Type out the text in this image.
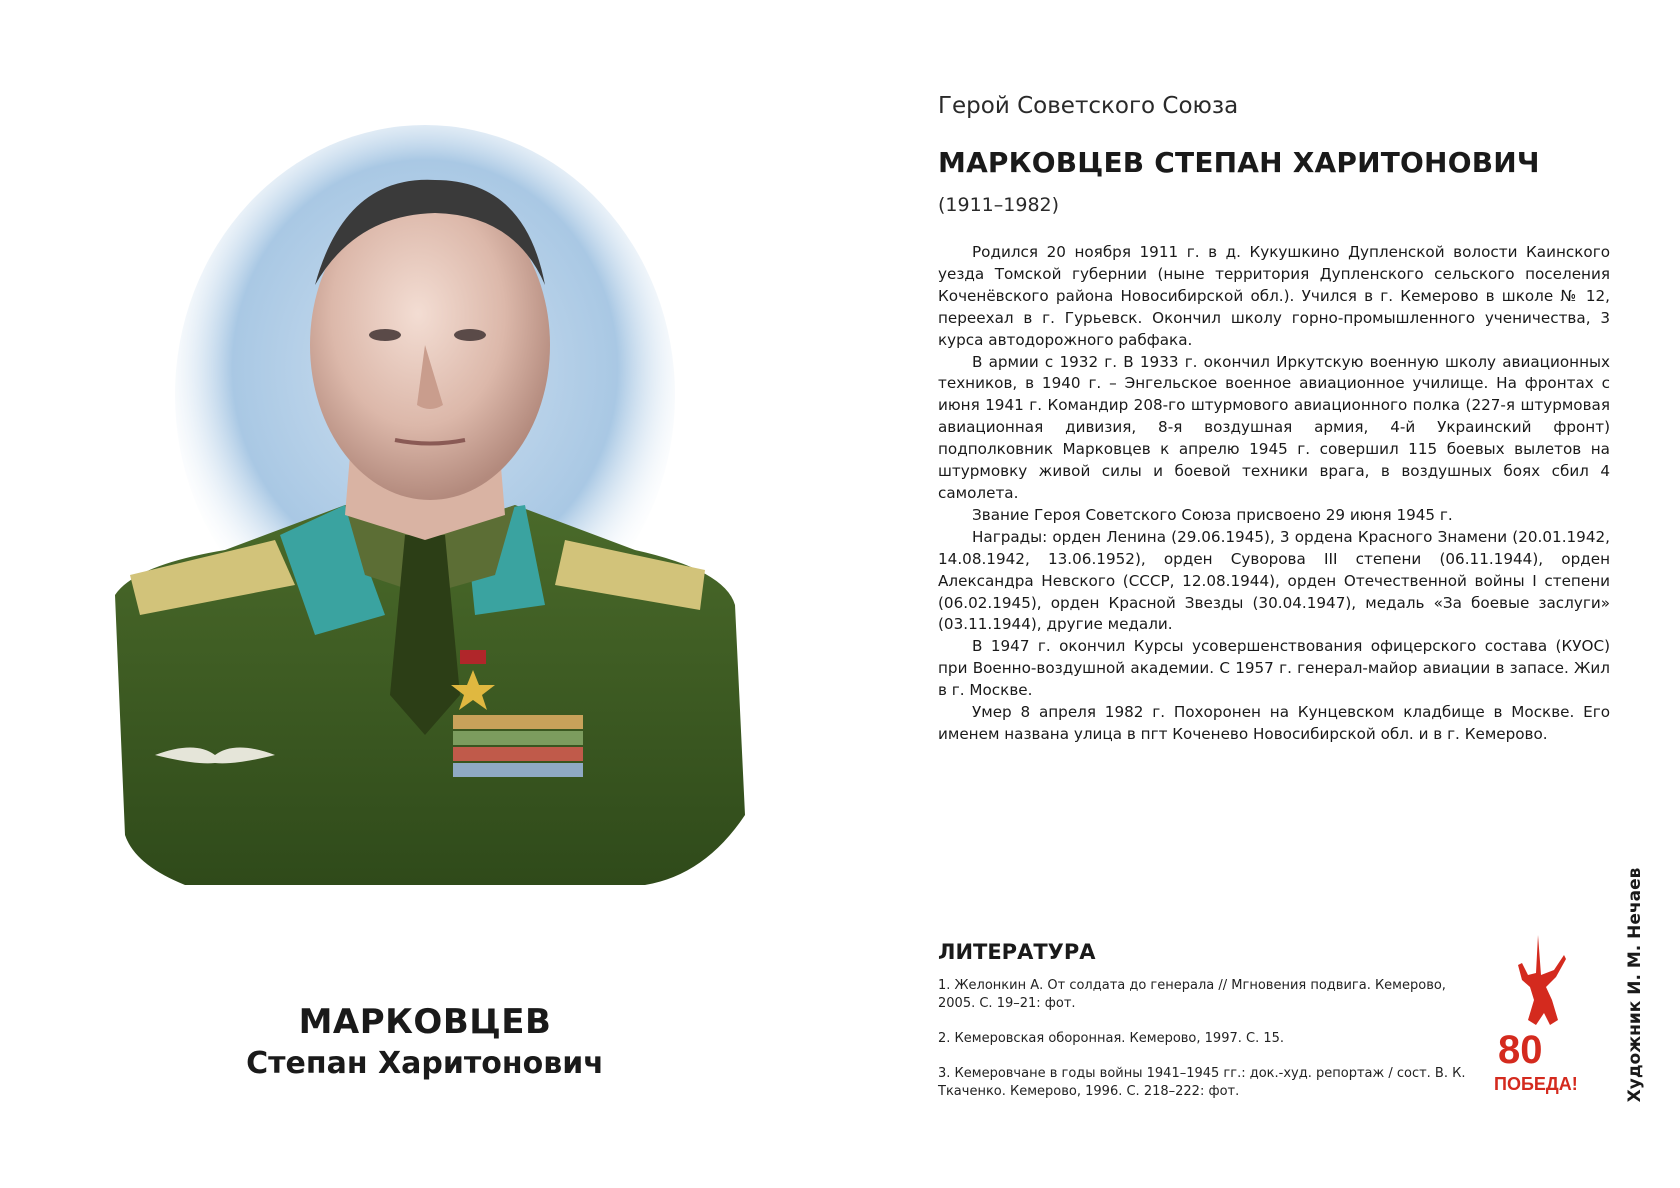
МАРКОВЦЕВ
Степан Харитонович
Герой Советского Союза
МАРКОВЦЕВ СТЕПАН ХАРИТОНОВИЧ
(1911–1982)

Родился 20 ноября 1911 г. в д. Кукушкино Дупленской волости Каинского уезда Томской губернии (ныне территория Дупленского сельского поселения Коченёвского района Новосибирской обл.). Учился в г. Кемерово в школе № 12, переехал в г. Гурьевск. Окончил школу горно-промышленного ученичества, 3 курса автодорожного рабфака.

В армии с 1932 г. В 1933 г. окончил Иркутскую военную школу авиационных техников, в 1940 г. – Энгельское военное авиационное училище. На фронтах с июня 1941 г. Командир 208-го штурмового авиационного полка (227-я штурмовая авиационная дивизия, 8-я воздушная армия, 4-й Украинский фронт) подполковник Марковцев к апрелю 1945 г. совершил 115 боевых вылетов на штурмовку живой силы и боевой техники врага, в воздушных боях сбил 4 самолета.

Звание Героя Советского Союза присвоено 29 июня 1945 г.

Награды: орден Ленина (29.06.1945), 3 ордена Красного Знамени (20.01.1942, 14.08.1942, 13.06.1952), орден Суворова III степени (06.11.1944), орден Александра Невского (СССР, 12.08.1944), орден Отечественной войны I степени (06.02.1945), орден Красной Звезды (30.04.1947), медаль «За боевые заслуги» (03.11.1944), другие медали.

В 1947 г. окончил Курсы усовершенствования офицерского состава (КУОС) при Военно-воздушной академии. С 1957 г. генерал-майор авиации в запасе. Жил в г. Москве.

Умер 8 апреля 1982 г. Похоронен на Кунцевском кладбище в Москве. Его именем названа улица в пгт Коченево Новосибирской обл. и в г. Кемерово.

ЛИТЕРАТУРА
1. Желонкин А. От солдата до генерала // Мгновения подвига. Кемерово, 2005. С. 19–21: фот.
2. Кемеровская оборонная. Кемерово, 1997. С. 15.
3. Кемеровчане в годы войны 1941–1945 гг.: док.-худ. репортаж / сост. В. К. Ткаченко. Кемерово, 1996. С. 218–222: фот.
80
ПОБЕДА!	Художник И. М. Нечаев
